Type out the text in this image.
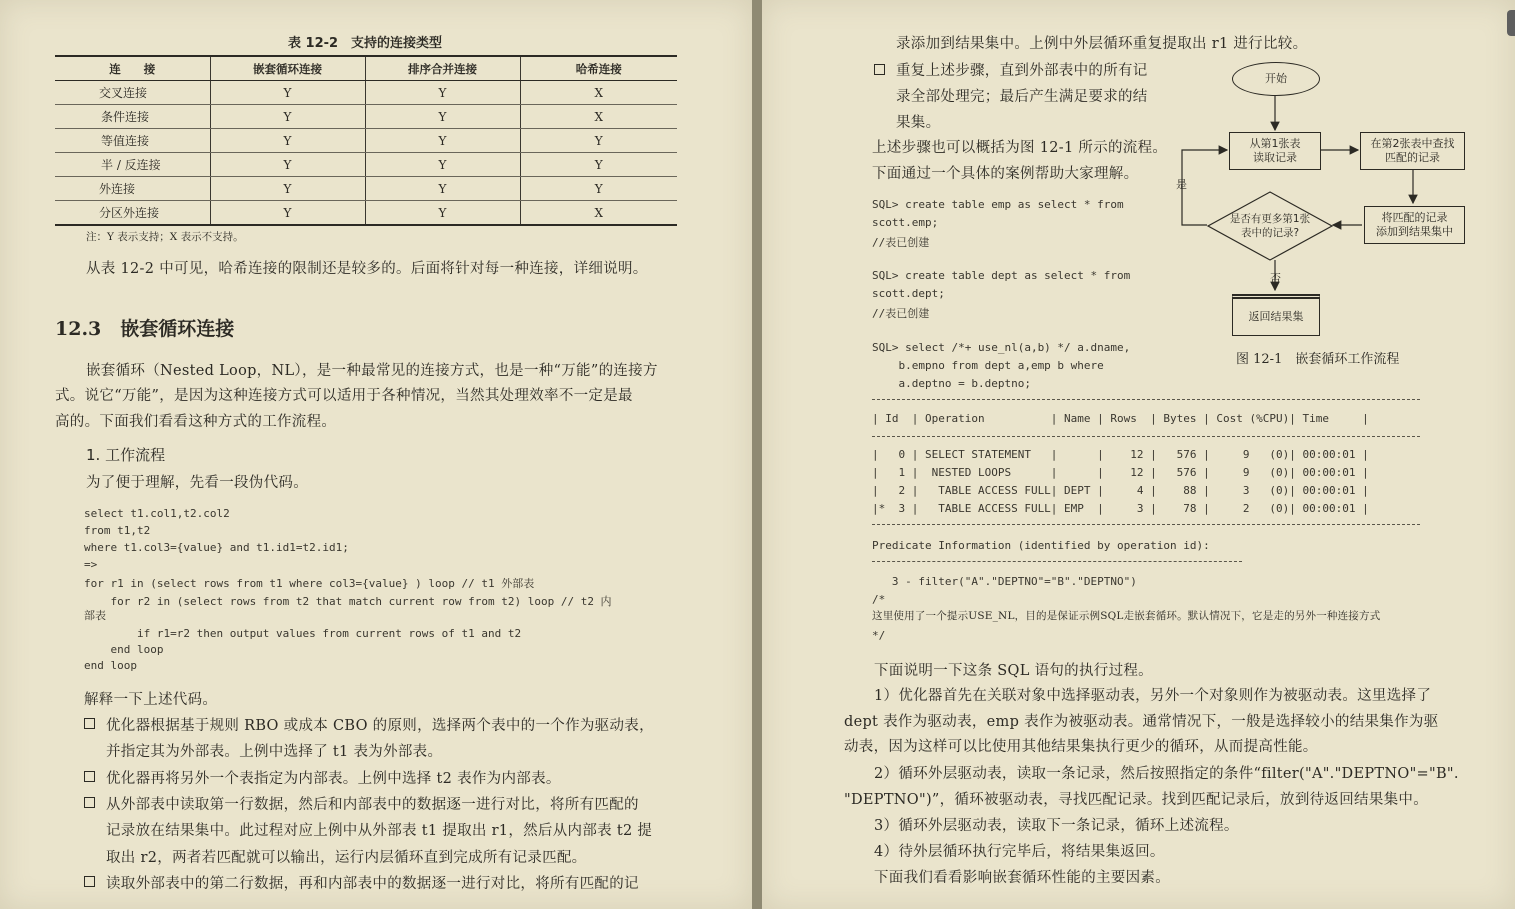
表 12-2　支持的连接类型
连　　接	嵌套循环连接	排序合并连接	哈希连接
交叉连接	Y	Y	X
条件连接	Y	Y	X
等值连接	Y	Y	Y
半 / 反连接	Y	Y	Y
外连接	Y	Y	Y
分区外连接	Y	Y	X
注：Y 表示支持；X 表示不支持。
从表 12-2 中可见，哈希连接的限制还是较多的。后面将针对每一种连接，详细说明。
12.3　嵌套循环连接
嵌套循环（Nested Loop，NL），是一种最常见的连接方式，也是一种“万能”的连接方
式。说它“万能”，是因为这种连接方式可以适用于各种情况，当然其处理效率不一定是最
高的。下面我们看看这种方式的工作流程。
1. 工作流程
为了便于理解，先看一段伪代码。
select t1.col1,t2.col2
from t1,t2
where t1.col3={value} and t1.id1=t2.id1;
=>
for r1 in (select rows from t1 where col3={value} ) loop // t1 外部表
for r2 in (select rows from t2 that match current row from t2) loop // t2 内
部表
if r1=r2 then output values from current rows of t1 and t2
end loop
end loop
解释一下上述代码。
优化器根据基于规则 RBO 或成本 CBO 的原则，选择两个表中的一个作为驱动表，
并指定其为外部表。上例中选择了 t1 表为外部表。
优化器再将另外一个表指定为内部表。上例中选择 t2 表作为内部表。
从外部表中读取第一行数据，然后和内部表中的数据逐一进行对比，将所有匹配的
记录放在结果集中。此过程对应上例中从外部表 t1 提取出 r1，然后从内部表 t2 提
取出 r2，两者若匹配就可以输出，运行内层循环直到完成所有记录匹配。
读取外部表中的第二行数据，再和内部表中的数据逐一进行对比，将所有匹配的记
录添加到结果集中。上例中外层循环重复提取出 r1 进行比较。
重复上述步骤，直到外部表中的所有记
录全部处理完；最后产生满足要求的结
果集。
上述步骤也可以概括为图 12-1 所示的流程。
下面通过一个具体的案例帮助大家理解。
开始
从第1张表
读取记录
在第2张表中查找
匹配的记录
将匹配的记录
添加到结果集中
是否有更多第1张
表中的记录?
是
否
返回结果集
图 12-1　嵌套循环工作流程
SQL> create table emp as select * from
scott.emp;
//表已创建
SQL> create table dept as select * from
scott.dept;
//表已创建
SQL> select /*+ use_nl(a,b) */ a.dname,
b.empno from dept a,emp b where
a.deptno = b.deptno;
| Id  | Operation          | Name | Rows  | Bytes | Cost (%CPU)| Time     |
|   0 | SELECT STATEMENT   |      |    12 |   576 |     9   (0)| 00:00:01 |
|   1 |  NESTED LOOPS      |      |    12 |   576 |     9   (0)| 00:00:01 |
|   2 |   TABLE ACCESS FULL| DEPT |     4 |    88 |     3   (0)| 00:00:01 |
|*  3 |   TABLE ACCESS FULL| EMP  |     3 |    78 |     2   (0)| 00:00:01 |
Predicate Information (identified by operation id):
3 - filter("A"."DEPTNO"="B"."DEPTNO")
/*
这里使用了一个提示USE_NL，目的是保证示例SQL走嵌套循环。默认情况下，它是走的另外一种连接方式
*/
下面说明一下这条 SQL 语句的执行过程。
1）优化器首先在关联对象中选择驱动表，另外一个对象则作为被驱动表。这里选择了
dept 表作为驱动表，emp 表作为被驱动表。通常情况下，一般是选择较小的结果集作为驱
动表，因为这样可以比使用其他结果集执行更少的循环，从而提高性能。
2）循环外层驱动表，读取一条记录，然后按照指定的条件“filter("A"."DEPTNO"="B".
"DEPTNO")”，循环被驱动表，寻找匹配记录。找到匹配记录后，放到待返回结果集中。
3）循环外层驱动表，读取下一条记录，循环上述流程。
4）待外层循环执行完毕后，将结果集返回。
下面我们看看影响嵌套循环性能的主要因素。
